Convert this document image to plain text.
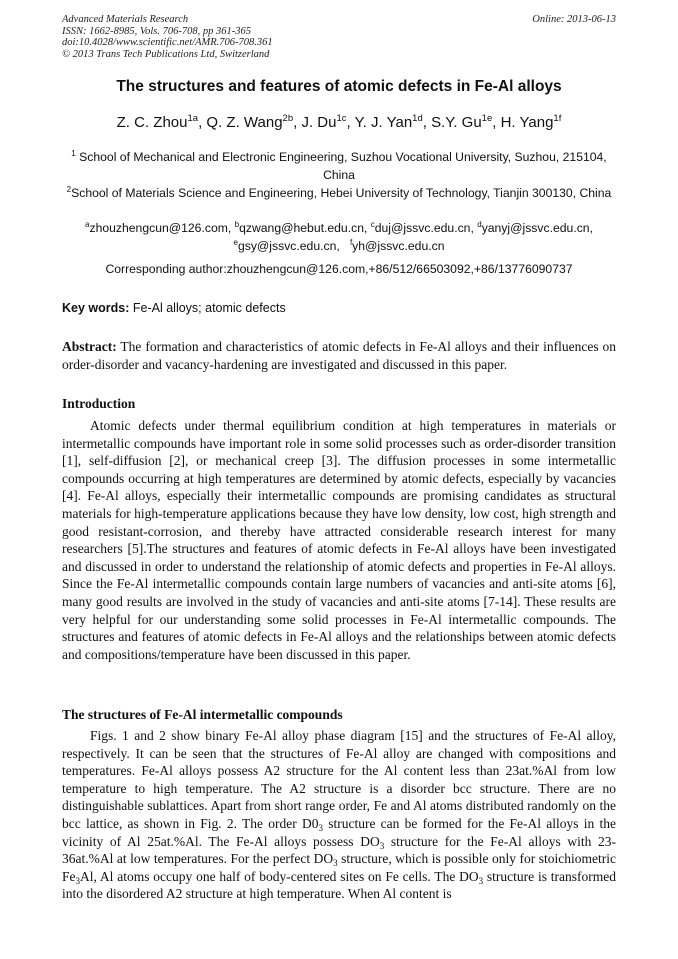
Advanced Materials Research
ISSN: 1662-8985, Vols. 706-708, pp 361-365
doi:10.4028/www.scientific.net/AMR.706-708.361
© 2013 Trans Tech Publications Ltd, Switzerland
Online: 2013-06-13
The structures and features of atomic defects in Fe-Al alloys
Z. C. Zhou$^{1a}$, Q. Z. Wang$^{2b}$, J. $Du^{1c}$, Y. J. Yan$^{1d}$, S.Y. $Gu^{1e}$, H. Yang$^{1f}$
$^1$ School of Mechanical and Electronic Engineering, Suzhou Vocational University, Suzhou, 215104, China
$^2$School of Materials Science and Engineering, Hebei University of Technology, Tianjin 300130, China
$^a$zhouzhengcun@126.com, $^b$qzwang@hebut.edu.cn, $^c$duj@jssvc.edu.cn, $^d$yanyj@jssvc.edu.cn,
$^e$gsy@jssvc.edu.cn, $^f$yh@jssvc.edu.cn
Corresponding author:zhouzhengcun@126.com,+86/512/66503092,+86/13776090737
Key words: Fe-Al alloys; atomic defects
Abstract: The formation and characteristics of atomic defects in Fe-Al alloys and their influences on order-disorder and vacancy-hardening are investigated and discussed in this paper.
Introduction
Atomic defects under thermal equilibrium condition at high temperatures in materials or intermetallic compounds have important role in some solid processes such as order-disorder transition [1], self-diffusion [2], or mechanical creep [3]. The diffusion processes in some intermetallic compounds occurring at high temperatures are determined by atomic defects, especially by vacancies [4]. Fe-Al alloys, especially their intermetallic compounds are promising candidates as structural materials for high-temperature applications because they have low density, low cost, high strength and good resistant-corrosion, and thereby have attracted considerable research interest for many researchers [5].The structures and features of atomic defects in Fe-Al alloys have been investigated and discussed in order to understand the relationship of atomic defects and properties in Fe-Al alloys. Since the Fe-Al intermetallic compounds contain large numbers of vacancies and anti-site atoms [6], many good results are involved in the study of vacancies and anti-site atoms [7-14]. These results are very helpful for our understanding some solid processes in Fe-Al intermetallic compounds. The structures and features of atomic defects in Fe-Al alloys and the relationships between atomic defects and compositions/temperature have been discussed in this paper.
The structures of Fe-Al intermetallic compounds
Figs. 1 and 2 show binary Fe-Al alloy phase diagram [15] and the structures of Fe-Al alloy, respectively. It can be seen that the structures of Fe-Al alloy are changed with compositions and temperatures. Fe-Al alloys possess A2 structure for the Al content less than 23at.%Al from low temperature to high temperature. The A2 structure is a disorder bcc structure. There are no distinguishable sublattices. Apart from short range order, Fe and Al atoms distributed randomly on the bcc lattice, as shown in Fig. 2. The order $D0_3$ structure can be formed for the Fe-Al alloys in the vicinity of Al 25at.%Al. The Fe-Al alloys possess $DO_3$ structure for the Fe-Al alloys with 23-36at.%Al at low temperatures. For the perfect $DO_3$ structure, which is possible only for stoichiometric $Fe_3Al$, Al atoms occupy one half of body-centered sites on Fe cells. The $DO_3$ structure is transformed into the disordered A2 structure at high temperature. When Al content is
